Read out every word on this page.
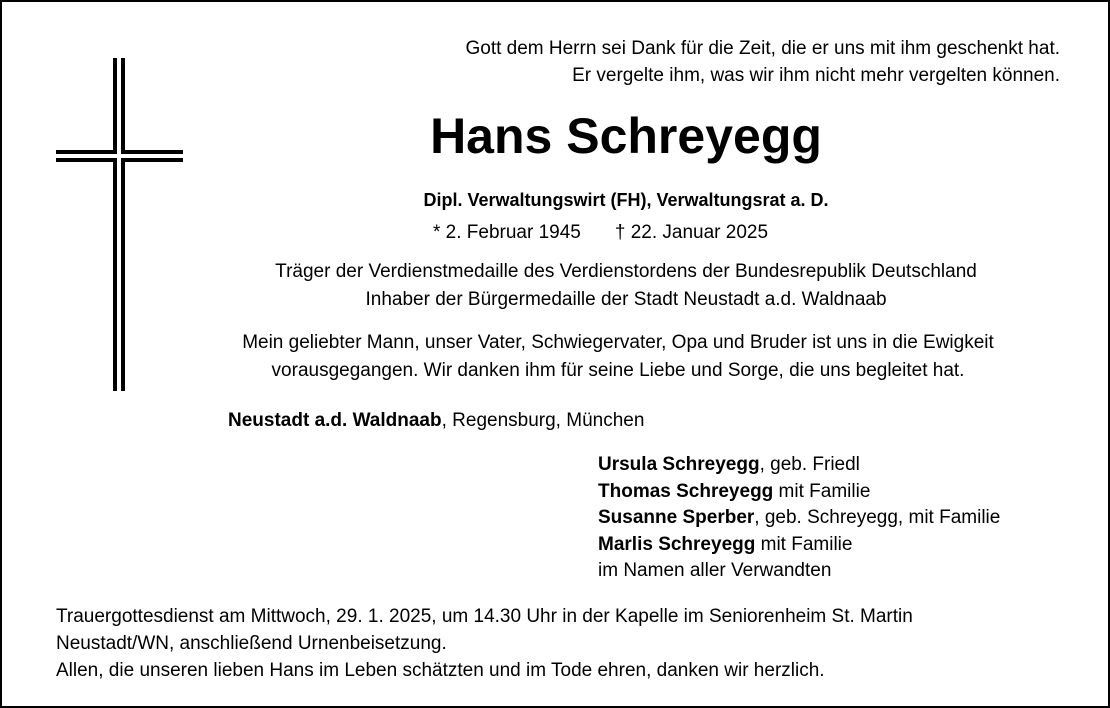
Gott dem Herrn sei Dank für die Zeit, die er uns mit ihm geschenkt hat.
Er vergelte ihm, was wir ihm nicht mehr vergelten können.
Hans Schreyegg
Dipl. Verwaltungswirt (FH), Verwaltungsrat a. D.
* 2. Februar 1945 † 22. Januar 2025
Träger der Verdienstmedaille des Verdienstordens der Bundesrepublik Deutschland
Inhaber der Bürgermedaille der Stadt Neustadt a.d. Waldnaab
Mein geliebter Mann, unser Vater, Schwiegervater, Opa und Bruder ist uns in die Ewigkeit
vorausgegangen. Wir danken ihm für seine Liebe und Sorge, die uns begleitet hat.
Neustadt a.d. Waldnaab, Regensburg, München
Ursula Schreyegg, geb. Friedl
Thomas Schreyegg mit Familie
Susanne Sperber, geb. Schreyegg, mit Familie
Marlis Schreyegg mit Familie
im Namen aller Verwandten
Trauergottesdienst am Mittwoch, 29. 1. 2025, um 14.30 Uhr in der Kapelle im Seniorenheim St. Martin
Neustadt/WN, anschließend Urnenbeisetzung.
Allen, die unseren lieben Hans im Leben schätzten und im Tode ehren, danken wir herzlich.
